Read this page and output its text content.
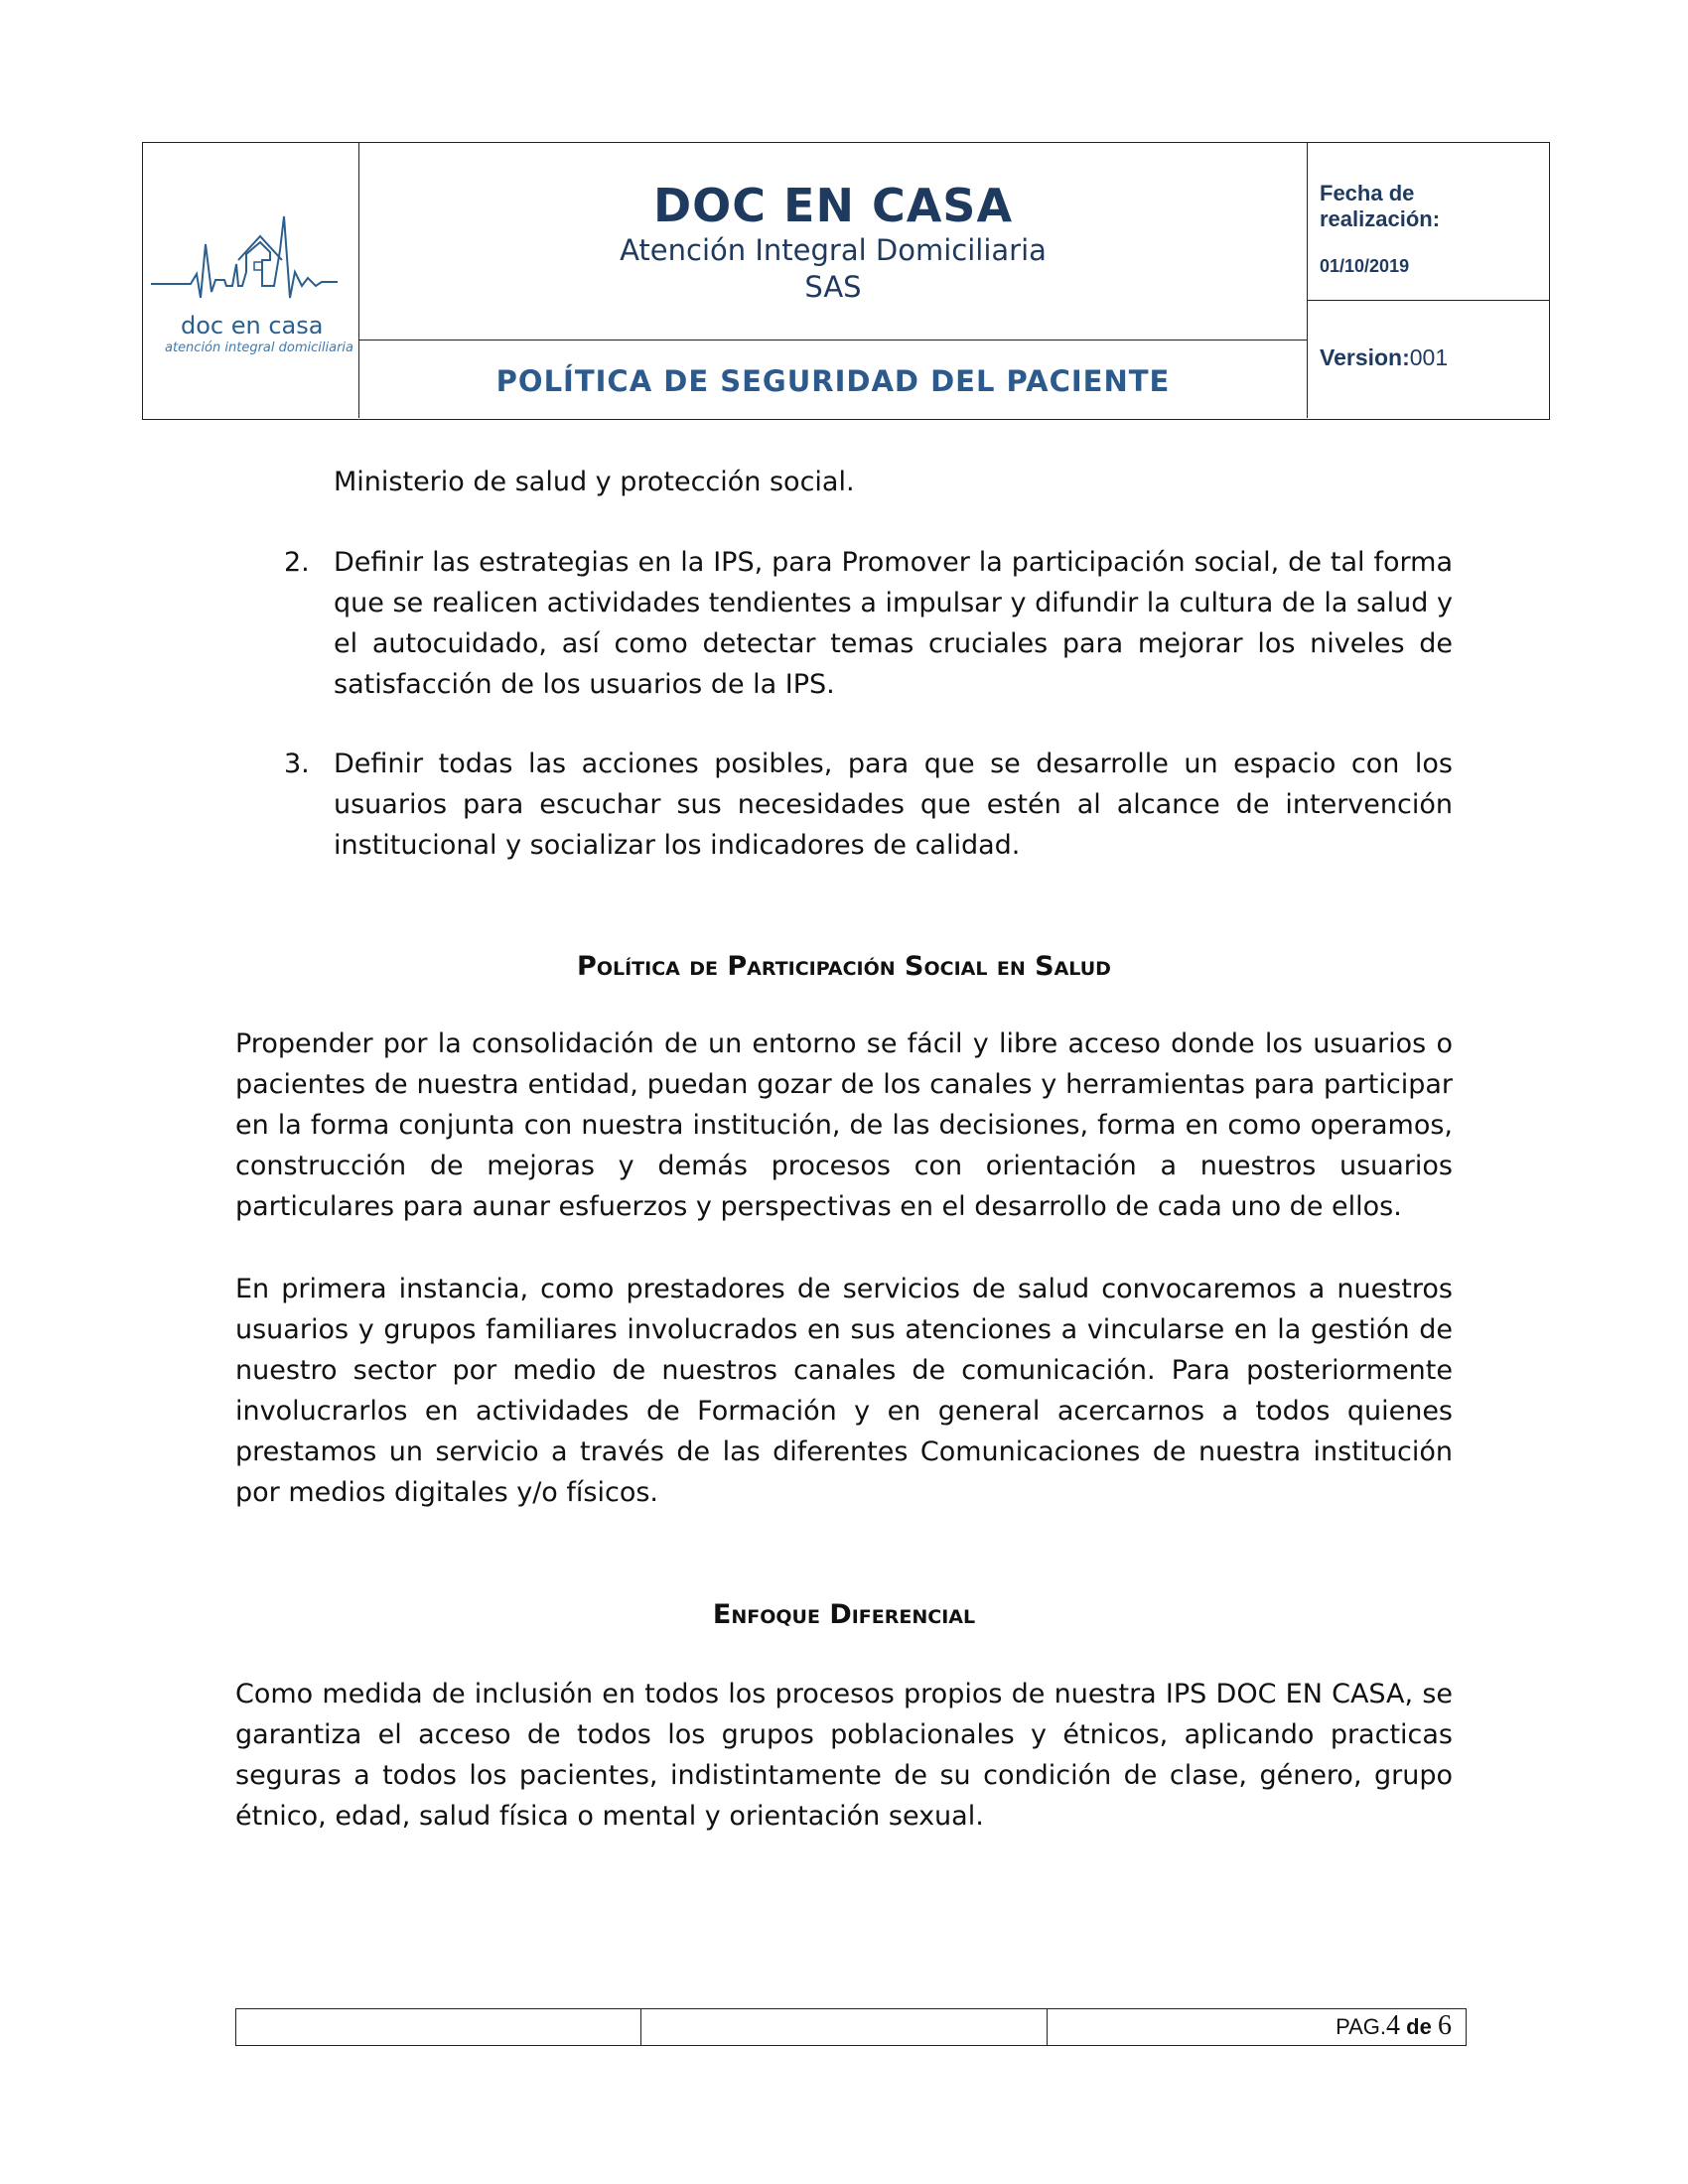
doc en casa
atención integral domiciliaria
DOC EN CASA
Atención Integral Domiciliaria
SAS
POLÍTICA DE SEGURIDAD DEL PACIENTE
Fecha de realización:
01/10/2019
Version:001
Ministerio de salud y protección social.
2. Definir las estrategias en la IPS, para Promover la participación social, de tal forma que se realicen actividades tendientes a impulsar y difundir la cultura de la salud y el autocuidado, así como detectar temas cruciales para mejorar los niveles de satisfacción de los usuarios de la IPS.
3. Definir todas las acciones posibles, para que se desarrolle un espacio con los usuarios para escuchar sus necesidades que estén al alcance de intervención institucional y socializar los indicadores de calidad.
Política de Participación Social en Salud
Propender por la consolidación de un entorno se fácil y libre acceso donde los usuarios o pacientes de nuestra entidad, puedan gozar de los canales y herramientas para participar en la forma conjunta con nuestra institución, de las decisiones, forma en como operamos, construcción de mejoras y demás procesos con orientación a nuestros usuarios particulares para aunar esfuerzos y perspectivas en el desarrollo de cada uno de ellos.
En primera instancia, como prestadores de servicios de salud convocaremos a nuestros usuarios y grupos familiares involucrados en sus atenciones a vincularse en la gestión de nuestro sector por medio de nuestros canales de comunicación. Para posteriormente involucrarlos en actividades de Formación y en general acercarnos a todos quienes prestamos un servicio a través de las diferentes Comunicaciones de nuestra institución por medios digitales y/o físicos.
Enfoque Diferencial
Como medida de inclusión en todos los procesos propios de nuestra IPS DOC EN CASA, se garantiza el acceso de todos los grupos poblacionales y étnicos, aplicando practicas seguras a todos los pacientes, indistintamente de su condición de clase, género, grupo étnico, edad, salud física o mental y orientación sexual.
PAG.4 de 6
